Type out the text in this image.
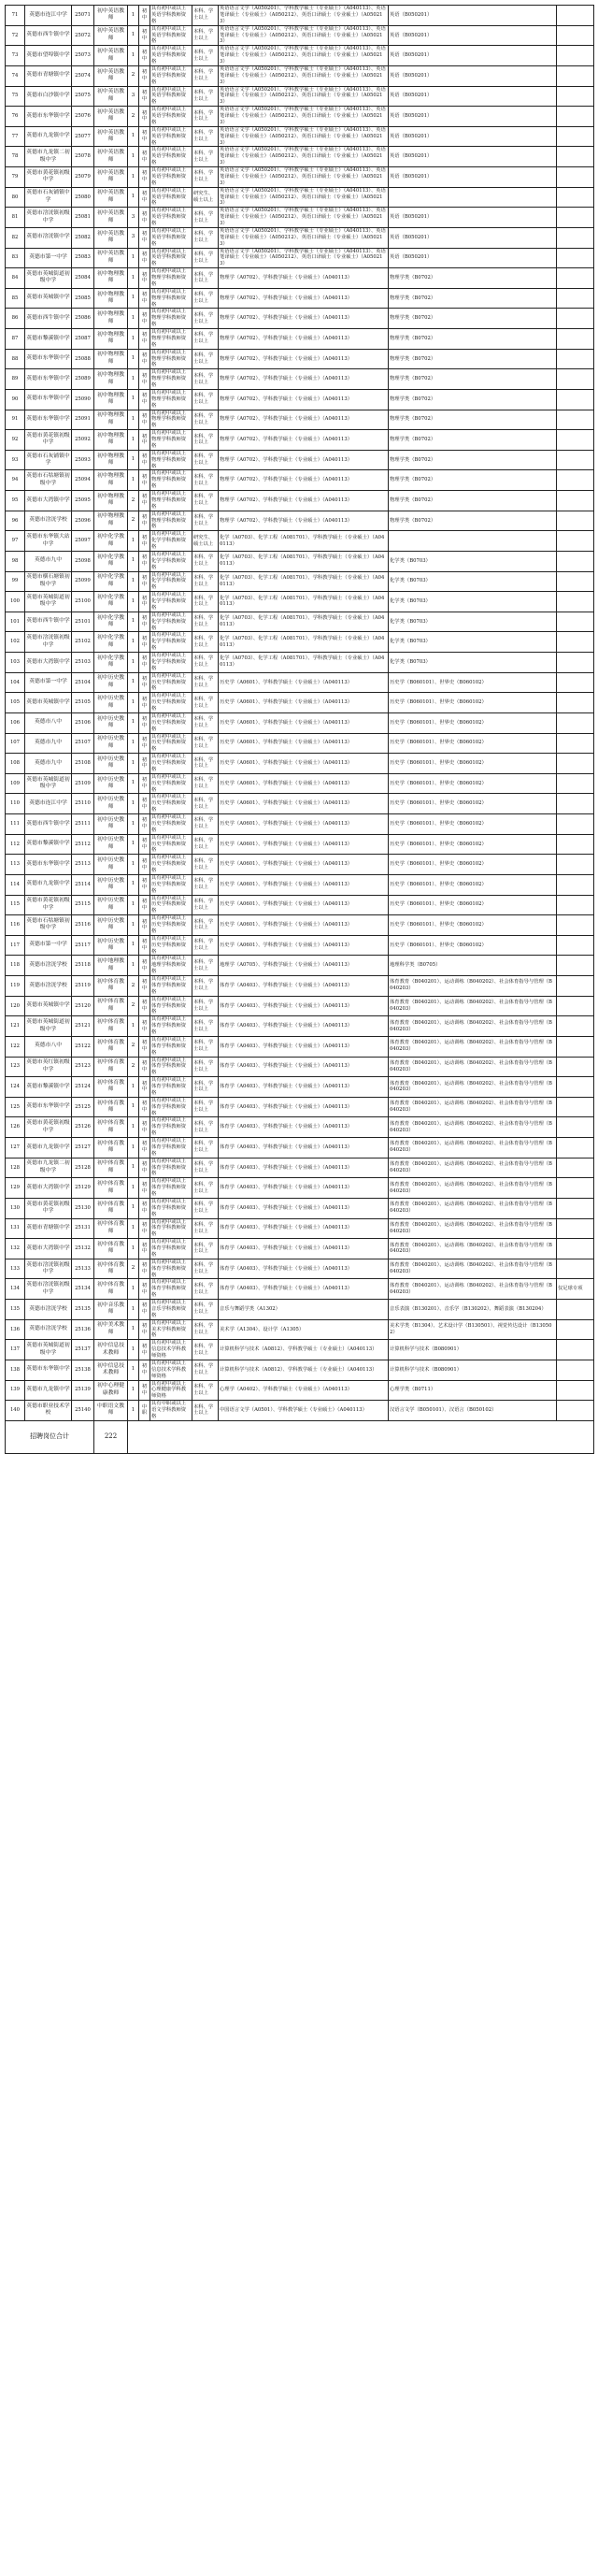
71	英德市连江中学	25071	初中英语教师	1	初中	具有初中或以上英语学科教师资格	本科、学士以上	英语语言文学（A050201）、学科教学硕士（专业硕士）（A040113）、英语笔译硕士（专业硕士）（A050212）、英语口译硕士（专业硕士）（A050213）	英语（B050201）	
72	英德市西牛镇中学	25072	初中英语教师	1	初中	具有初中或以上英语学科教师资格	本科、学士以上	英语语言文学（A050201）、学科教学硕士（专业硕士）（A040113）、英语笔译硕士（专业硕士）（A050212）、英语口译硕士（专业硕士）（A050213）	英语（B050201）	
73	英德市望埠镇中学	25073	初中英语教师	1	初中	具有初中或以上英语学科教师资格	本科、学士以上	英语语言文学（A050201）、学科教学硕士（专业硕士）（A040113）、英语笔译硕士（专业硕士）（A050212）、英语口译硕士（专业硕士）（A050213）	英语（B050201）	
74	英德市青塘镇中学	25074	初中英语教师	2	初中	具有初中或以上英语学科教师资格	本科、学士以上	英语语言文学（A050201）、学科教学硕士（专业硕士）（A040113）、英语笔译硕士（专业硕士）（A050212）、英语口译硕士（专业硕士）（A050213）	英语（B050201）	
75	英德市白沙镇中学	25075	初中英语教师	3	初中	具有初中或以上英语学科教师资格	本科、学士以上	英语语言文学（A050201）、学科教学硕士（专业硕士）（A040113）、英语笔译硕士（专业硕士）（A050212）、英语口译硕士（专业硕士）（A050213）	英语（B050201）	
76	英德市东华镇中学	25076	初中英语教师	2	初中	具有初中或以上英语学科教师资格	本科、学士以上	英语语言文学（A050201）、学科教学硕士（专业硕士）（A040113）、英语笔译硕士（专业硕士）（A050212）、英语口译硕士（专业硕士）（A050213）	英语（B050201）	
77	英德市九龙镇中学	25077	初中英语教师	1	初中	具有初中或以上英语学科教师资格	本科、学士以上	英语语言文学（A050201）、学科教学硕士（专业硕士）（A040113）、英语笔译硕士（专业硕士）（A050212）、英语口译硕士（专业硕士）（A050213）	英语（B050201）	
78	英德市九龙镇二初级中学	25078	初中英语教师	1	初中	具有初中或以上英语学科教师资格	本科、学士以上	英语语言文学（A050201）、学科教学硕士（专业硕士）（A040113）、英语笔译硕士（专业硕士）（A050212）、英语口译硕士（专业硕士）（A050213）	英语（B050201）	
79	英德市黄花镇初级中学	25079	初中英语教师	1	初中	具有初中或以上英语学科教师资格	本科、学士以上	英语语言文学（A050201）、学科教学硕士（专业硕士）（A040113）、英语笔译硕士（专业硕士）（A050212）、英语口译硕士（专业硕士）（A050213）	英语（B050201）	
80	英德市石灰铺镇中学	25080	初中英语教师	1	初中	具有初中或以上英语学科教师资格	研究生、硕士以上	英语语言文学（A050201）、学科教学硕士（专业硕士）（A040113）、英语笔译硕士（专业硕士）（A050212）、英语口译硕士（专业硕士）（A050213）		
81	英德市浛洸镇初级中学	25081	初中英语教师	3	初中	具有初中或以上英语学科教师资格	本科、学士以上	英语语言文学（A050201）、学科教学硕士（专业硕士）（A040113）、英语笔译硕士（专业硕士）（A050212）、英语口译硕士（专业硕士）（A050213）	英语（B050201）	
82	英德市浛洸镇中学	25082	初中英语教师	3	初中	具有初中或以上英语学科教师资格	本科、学士以上	英语语言文学（A050201）、学科教学硕士（专业硕士）（A040113）、英语笔译硕士（专业硕士）（A050212）、英语口译硕士（专业硕士）（A050213）	英语（B050201）	
83	英德市第一中学	25083	初中英语教师	1	初中	具有初中或以上英语学科教师资格	本科、学士以上	英语语言文学（A050201）、学科教学硕士（专业硕士）（A040113）、英语笔译硕士（专业硕士）（A050212）、英语口译硕士（专业硕士）（A050213）	英语（B050201）	
84	英德市英城街道初级中学	25084	初中物理教师	1	初中	具有初中或以上物理学科教师资格	本科、学士以上	物理学（A0702）、学科教学硕士（专业硕士）（A040113）	物理学类（B0702）	
85	英德市英城镇中学	25085	初中物理教师	1	初中	具有初中或以上物理学科教师资格	本科、学士以上	物理学（A0702）、学科教学硕士（专业硕士）（A040113）	物理学类（B0702）	
86	英德市西牛镇中学	25086	初中物理教师	1	初中	具有初中或以上物理学科教师资格	本科、学士以上	物理学（A0702）、学科教学硕士（专业硕士）（A040113）	物理学类（B0702）	
87	英德市黎溪镇中学	25087	初中物理教师	1	初中	具有初中或以上物理学科教师资格	本科、学士以上	物理学（A0702）、学科教学硕士（专业硕士）（A040113）	物理学类（B0702）	
88	英德市东华镇中学	25088	初中物理教师	1	初中	具有初中或以上物理学科教师资格	本科、学士以上	物理学（A0702）、学科教学硕士（专业硕士）（A040113）	物理学类（B0702）	
89	英德市东华镇中学	25089	初中物理教师	1	初中	具有初中或以上物理学科教师资格	本科、学士以上	物理学（A0702）、学科教学硕士（专业硕士）（A040113）	物理学类（B0702）	
90	英德市东华镇中学	25090	初中物理教师	1	初中	具有初中或以上物理学科教师资格	本科、学士以上	物理学（A0702）、学科教学硕士（专业硕士）（A040113）	物理学类（B0702）	
91	英德市东华镇中学	25091	初中物理教师	1	初中	具有初中或以上物理学科教师资格	本科、学士以上	物理学（A0702）、学科教学硕士（专业硕士）（A040113）	物理学类（B0702）	
92	英德市黄花镇初级中学	25092	初中物理教师	1	初中	具有初中或以上物理学科教师资格	本科、学士以上	物理学（A0702）、学科教学硕士（专业硕士）（A040113）	物理学类（B0702）	
93	英德市石灰铺镇中学	25093	初中物理教师	1	初中	具有初中或以上物理学科教师资格	本科、学士以上	物理学（A0702）、学科教学硕士（专业硕士）（A040113）	物理学类（B0702）	
94	英德市石牯塘镇初级中学	25094	初中物理教师	1	初中	具有初中或以上物理学科教师资格	本科、学士以上	物理学（A0702）、学科教学硕士（专业硕士）（A040113）	物理学类（B0702）	
95	英德市大湾镇中学	25095	初中物理教师	2	初中	具有初中或以上物理学科教师资格	本科、学士以上	物理学（A0702）、学科教学硕士（专业硕士）（A040113）	物理学类（B0702）	
96	英德市浛洸学校	25096	初中物理教师	2	初中	具有初中或以上物理学科教师资格	本科、学士以上	物理学（A0702）、学科教学硕士（专业硕士）（A040113）	物理学类（B0702）	
97	英德市东华镇大站中学	25097	初中化学教师	1	初中	具有初中或以上化学学科教师资格	研究生、硕士以上	化学（A0703）、化学工程（A081701）、学科教学硕士（专业硕士）（A040113）		
98	英德市九中	25098	初中化学教师	1	初中	具有初中或以上化学学科教师资格	本科、学士以上	化学（A0703）、化学工程（A081701）、学科教学硕士（专业硕士）（A040113）	化学类（B0703）	
99	英德市横石塘镇初级中学	25099	初中化学教师	1	初中	具有初中或以上化学学科教师资格	本科、学士以上	化学（A0703）、化学工程（A081701）、学科教学硕士（专业硕士）（A040113）	化学类（B0703）	
100	英德市英城街道初级中学	25100	初中化学教师	1	初中	具有初中或以上化学学科教师资格	本科、学士以上	化学（A0703）、化学工程（A081701）、学科教学硕士（专业硕士）（A040113）	化学类（B0703）	
101	英德市西牛镇中学	25101	初中化学教师	1	初中	具有初中或以上化学学科教师资格	本科、学士以上	化学（A0703）、化学工程（A081701）、学科教学硕士（专业硕士）（A040113）	化学类（B0703）	
102	英德市浛洸镇初级中学	25102	初中化学教师	1	初中	具有初中或以上化学学科教师资格	本科、学士以上	化学（A0703）、化学工程（A081701）、学科教学硕士（专业硕士）（A040113）	化学类（B0703）	
103	英德市大湾镇中学	25103	初中化学教师	1	初中	具有初中或以上化学学科教师资格	本科、学士以上	化学（A0703）、化学工程（A081701）、学科教学硕士（专业硕士）（A040113）	化学类（B0703）	
104	英德市第一中学	25104	初中历史教师	1	初中	具有初中或以上历史学科教师资格	本科、学士以上	历史学（A0601）、学科教学硕士（专业硕士）（A040113）	历史学（B060101）、世界史（B060102）	
105	英德市英城镇中学	25105	初中历史教师	1	初中	具有初中或以上历史学科教师资格	本科、学士以上	历史学（A0601）、学科教学硕士（专业硕士）（A040113）	历史学（B060101）、世界史（B060102）	
106	英德市八中	25106	初中历史教师	1	初中	具有初中或以上历史学科教师资格	本科、学士以上	历史学（A0601）、学科教学硕士（专业硕士）（A040113）	历史学（B060101）、世界史（B060102）	
107	英德市九中	25107	初中历史教师	1	初中	具有初中或以上历史学科教师资格	本科、学士以上	历史学（A0601）、学科教学硕士（专业硕士）（A040113）	历史学（B060101）、世界史（B060102）	
108	英德市九中	25108	初中历史教师	1	初中	具有初中或以上历史学科教师资格	本科、学士以上	历史学（A0601）、学科教学硕士（专业硕士）（A040113）	历史学（B060101）、世界史（B060102）	
109	英德市英城街道初级中学	25109	初中历史教师	1	初中	具有初中或以上历史学科教师资格	本科、学士以上	历史学（A0601）、学科教学硕士（专业硕士）（A040113）	历史学（B060101）、世界史（B060102）	
110	英德市连江中学	25110	初中历史教师	1	初中	具有初中或以上历史学科教师资格	本科、学士以上	历史学（A0601）、学科教学硕士（专业硕士）（A040113）	历史学（B060101）、世界史（B060102）	
111	英德市西牛镇中学	25111	初中历史教师	1	初中	具有初中或以上历史学科教师资格	本科、学士以上	历史学（A0601）、学科教学硕士（专业硕士）（A040113）	历史学（B060101）、世界史（B060102）	
112	英德市黎溪镇中学	25112	初中历史教师	1	初中	具有初中或以上历史学科教师资格	本科、学士以上	历史学（A0601）、学科教学硕士（专业硕士）（A040113）	历史学（B060101）、世界史（B060102）	
113	英德市东华镇中学	25113	初中历史教师	1	初中	具有初中或以上历史学科教师资格	本科、学士以上	历史学（A0601）、学科教学硕士（专业硕士）（A040113）	历史学（B060101）、世界史（B060102）	
114	英德市九龙镇中学	25114	初中历史教师	1	初中	具有初中或以上历史学科教师资格	本科、学士以上	历史学（A0601）、学科教学硕士（专业硕士）（A040113）	历史学（B060101）、世界史（B060102）	
115	英德市黄花镇初级中学	25115	初中历史教师	1	初中	具有初中或以上历史学科教师资格	本科、学士以上	历史学（A0601）、学科教学硕士（专业硕士）（A040113）	历史学（B060101）、世界史（B060102）	
116	英德市石牯塘镇初级中学	25116	初中历史教师	1	初中	具有初中或以上历史学科教师资格	本科、学士以上	历史学（A0601）、学科教学硕士（专业硕士）（A040113）	历史学（B060101）、世界史（B060102）	
117	英德市第一中学	25117	初中历史教师	1	初中	具有初中或以上历史学科教师资格	本科、学士以上	历史学（A0601）、学科教学硕士（专业硕士）（A040113）	历史学（B060101）、世界史（B060102）	
118	英德市浛洸学校	25118	初中地理教师	1	初中	具有初中或以上地理学科教师资格	本科、学士以上	地理学（A0705）、学科教学硕士（专业硕士）（A040113）	地理科学类（B0705）	
119	英德市浛洸学校	25119	初中体育教师	2	初中	具有初中或以上体育学科教师资格	本科、学士以上	体育学（A0403）、学科教学硕士（专业硕士）（A040113）	体育教育（B040201）、运动训练（B040202）、社会体育指导与管理（B040203）	
120	英德市英城镇中学	25120	初中体育教师	2	初中	具有初中或以上体育学科教师资格	本科、学士以上	体育学（A0403）、学科教学硕士（专业硕士）（A040113）	体育教育（B040201）、运动训练（B040202）、社会体育指导与管理（B040203）	
121	英德市英城街道初级中学	25121	初中体育教师	1	初中	具有初中或以上体育学科教师资格	本科、学士以上	体育学（A0403）、学科教学硕士（专业硕士）（A040113）	体育教育（B040201）、运动训练（B040202）、社会体育指导与管理（B040203）	
122	英德市八中	25122	初中体育教师	2	初中	具有初中或以上体育学科教师资格	本科、学士以上	体育学（A0403）、学科教学硕士（专业硕士）（A040113）	体育教育（B040201）、运动训练（B040202）、社会体育指导与管理（B040203）	
123	英德市英红镇初级中学	25123	初中体育教师	2	初中	具有初中或以上体育学科教师资格	本科、学士以上	体育学（A0403）、学科教学硕士（专业硕士）（A040113）	体育教育（B040201）、运动训练（B040202）、社会体育指导与管理（B040203）	
124	英德市黎溪镇中学	25124	初中体育教师	1	初中	具有初中或以上体育学科教师资格	本科、学士以上	体育学（A0403）、学科教学硕士（专业硕士）（A040113）	体育教育（B040201）、运动训练（B040202）、社会体育指导与管理（B040203）	
125	英德市东华镇中学	25125	初中体育教师	1	初中	具有初中或以上体育学科教师资格	本科、学士以上	体育学（A0403）、学科教学硕士（专业硕士）（A040113）	体育教育（B040201）、运动训练（B040202）、社会体育指导与管理（B040203）	
126	英德市黄花镇初级中学	25126	初中体育教师	1	初中	具有初中或以上体育学科教师资格	本科、学士以上	体育学（A0403）、学科教学硕士（专业硕士）（A040113）	体育教育（B040201）、运动训练（B040202）、社会体育指导与管理（B040203）	
127	英德市九龙镇中学	25127	初中体育教师	1	初中	具有初中或以上体育学科教师资格	本科、学士以上	体育学（A0403）、学科教学硕士（专业硕士）（A040113）	体育教育（B040201）、运动训练（B040202）、社会体育指导与管理（B040203）	
128	英德市九龙镇二初级中学	25128	初中体育教师	1	初中	具有初中或以上体育学科教师资格	本科、学士以上	体育学（A0403）、学科教学硕士（专业硕士）（A040113）	体育教育（B040201）、运动训练（B040202）、社会体育指导与管理（B040203）	
129	英德市大湾镇中学	25129	初中体育教师	1	初中	具有初中或以上体育学科教师资格	本科、学士以上	体育学（A0403）、学科教学硕士（专业硕士）（A040113）	体育教育（B040201）、运动训练（B040202）、社会体育指导与管理（B040203）	
130	英德市黄花镇初级中学	25130	初中体育教师	1	初中	具有初中或以上体育学科教师资格	本科、学士以上	体育学（A0403）、学科教学硕士（专业硕士）（A040113）	体育教育（B040201）、运动训练（B040202）、社会体育指导与管理（B040203）	
131	英德市青塘镇中学	25131	初中体育教师	1	初中	具有初中或以上体育学科教师资格	本科、学士以上	体育学（A0403）、学科教学硕士（专业硕士）（A040113）	体育教育（B040201）、运动训练（B040202）、社会体育指导与管理（B040203）	
132	英德市大湾镇中学	25132	初中体育教师	1	初中	具有初中或以上体育学科教师资格	本科、学士以上	体育学（A0403）、学科教学硕士（专业硕士）（A040113）	体育教育（B040201）、运动训练（B040202）、社会体育指导与管理（B040203）	
133	英德市浛洸镇初级中学	25133	初中体育教师	2	初中	具有初中或以上体育学科教师资格	本科、学士以上	体育学（A0403）、学科教学硕士（专业硕士）（A040113）	体育教育（B040201）、运动训练（B040202）、社会体育指导与管理（B040203）	
134	英德市浛洸镇初级中学	25134	初中体育教师	1	初中	具有初中或以上体育学科教师资格	本科、学士以上	体育学（A0403）、学科教学硕士（专业硕士）（A040113）	体育教育（B040201）、运动训练（B040202）、社会体育指导与管理（B040203）	仅足球专项
135	英德市浛洸学校	25135	初中音乐教师	1	初中	具有初中或以上音乐学科教师资格	本科、学士以上	音乐与舞蹈学类（A1302）	音乐表演（B130201）、音乐学（B130202）、舞蹈表演（B130204）	
136	英德市浛洸学校	25136	初中美术教师	1	初中	具有初中或以上美术学科教师资格	本科、学士以上	美术学（A1304）、设计学（A1305）	美术学类（B1304）、艺术设计学（B130501）、视觉传达设计（B130502）	
137	英德市英城街道初级中学	25137	初中信息技术教师	1	初中	具有初中或以上信息技术学科教师资格	本科、学士以上	计算机科学与技术（A0812）、学科教学硕士（专业硕士）（A040113）	计算机科学与技术（B080901）	
138	英德市东华镇中学	25138	初中信息技术教师	1	初中	具有初中或以上信息技术学科教师资格	本科、学士以上	计算机科学与技术（A0812）、学科教学硕士（专业硕士）（A040113）	计算机科学与技术（B080901）	
139	英德市九龙镇中学	25139	初中心理健康教师	1	初中	具有初中或以上心理健康学科教师资格	本科、学士以上	心理学（A0402）、学科教学硕士（专业硕士）（A040113）	心理学类（B0711）	
140	英德市职业技术学校	25140	中职语文教师	1	中职	具有中职或以上语文学科教师资格	本科、学士以上	中国语言文学（A0501）、学科教学硕士（专业硕士）（A040113）	汉语言文学（B050101）、汉语言（B050102）	
招聘岗位合计			222							
